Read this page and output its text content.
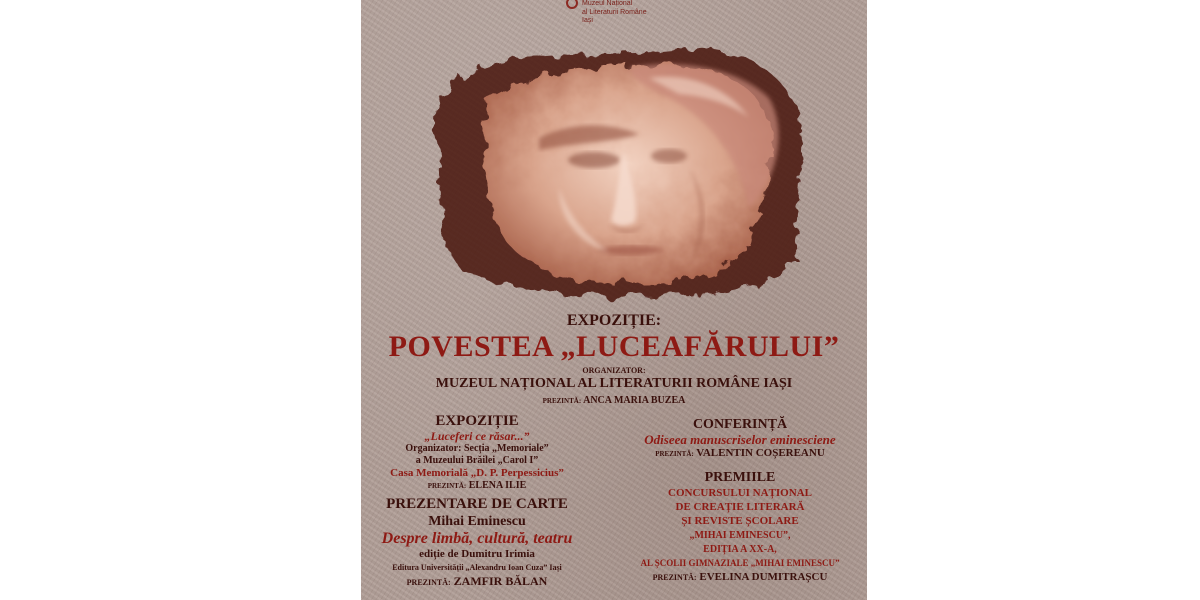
Muzeul Național
al Literaturii Române
Iași
EXPOZIȚIE:
POVESTEA „LUCEAFĂRULUI”
ORGANIZATOR:
MUZEUL NAȚIONAL AL LITERATURII ROMÂNE IAȘI
PREZINTĂ: ANCA MARIA BUZEA
EXPOZIȚIE
„Luceferi ce răsar...”
Organizator: Secția „Memoriale”
a Muzeului Brăilei „Carol I”
Casa Memorială „D. P. Perpessicius”
PREZINTĂ: ELENA ILIE
PREZENTARE DE CARTE
Mihai Eminescu
Despre limbă, cultură, teatru
ediție de Dumitru Irimia
Editura Universității „Alexandru Ioan Cuza” Iași
PREZINTĂ: ZAMFIR BĂLAN
CONFERINȚĂ
Odiseea manuscriselor eminesciene
PREZINTĂ: VALENTIN COȘEREANU
PREMIILE
CONCURSULUI NAȚIONAL
DE CREAȚIE LITERARĂ
ȘI REVISTE ȘCOLARE
„MIHAI EMINESCU”,
EDIȚIA A XX-A,
AL ȘCOLII GIMNAZIALE „MIHAI EMINESCU”
PREZINTĂ: EVELINA DUMITRAȘCU
